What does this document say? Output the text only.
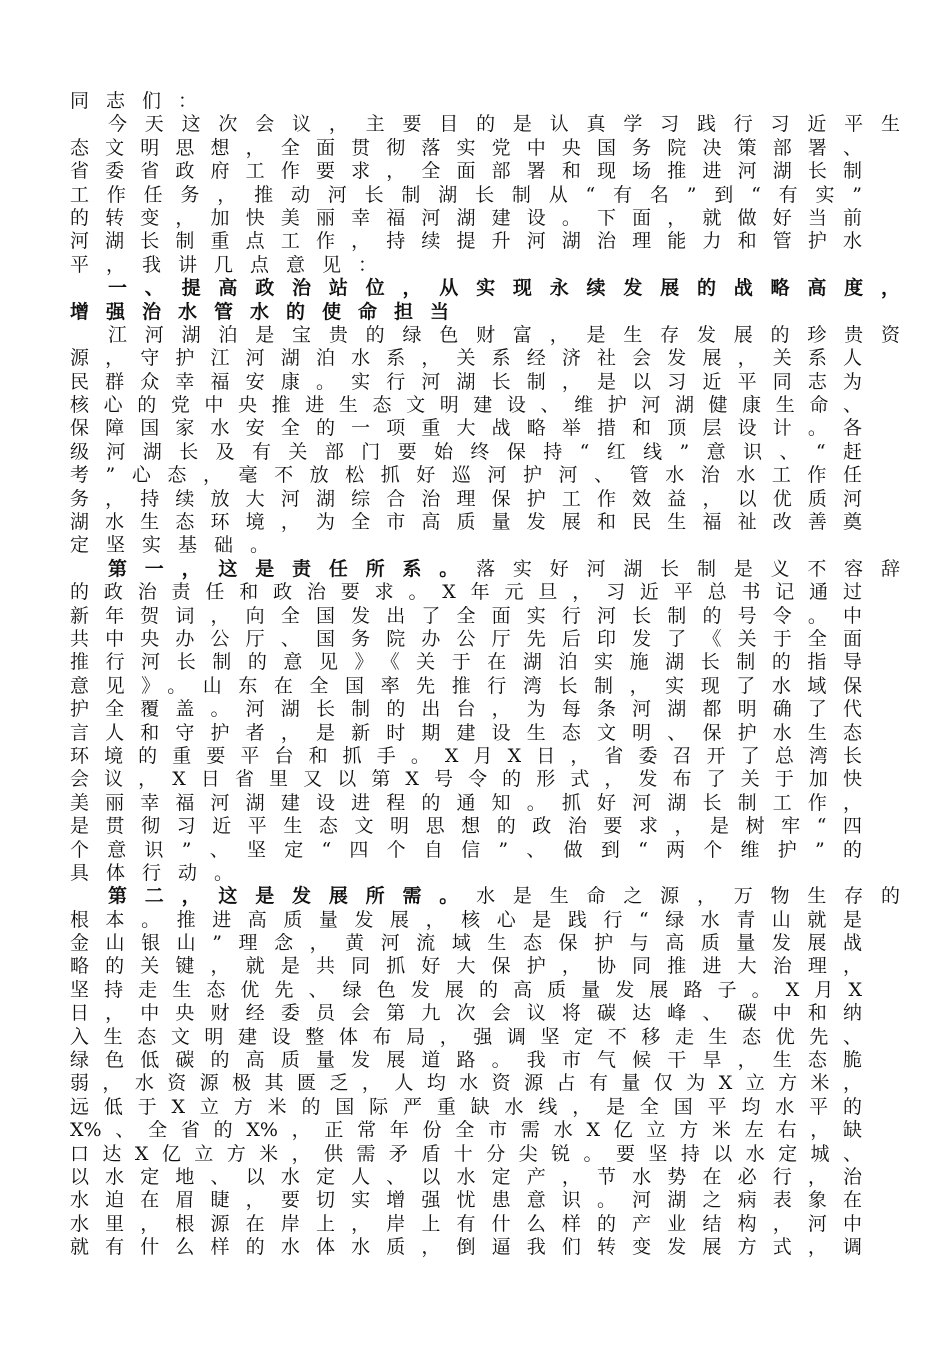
同志们：
今天这次会议，主要目的是认真学习践行习近平生
态文明思想，全面贯彻落实党中央国务院决策部署、
省委省政府工作要求，全面部署和现场推进河湖长制
工作任务，推动河长制湖长制从“有名”到“有实”
的转变，加快美丽幸福河湖建设。下面，就做好当前
河湖长制重点工作，持续提升河湖治理能力和管护水
平，我讲几点意见：
一、提高政治站位，从实现永续发展的战略高度，
增强治水管水的使命担当
江河湖泊是宝贵的绿色财富，是生存发展的珍贵资
源，守护江河湖泊水系，关系经济社会发展，关系人
民群众幸福安康。实行河湖长制，是以习近平同志为
核心的党中央推进生态文明建设、维护河湖健康生命、
保障国家水安全的一项重大战略举措和顶层设计。各
级河湖长及有关部门要始终保持“红线”意识、“赶
考”心态，毫不放松抓好巡河护河、管水治水工作任
务，持续放大河湖综合治理保护工作效益，以优质河
湖水生态环境，为全市高质量发展和民生福祉改善奠
定坚实基础。
第一，这是责任所系。落实好河湖长制是义不容辞
的政治责任和政治要求。X年元旦，习近平总书记通过
新年贺词，向全国发出了全面实行河长制的号令。中
共中央办公厅、国务院办公厅先后印发了《关于全面
推行河长制的意见》《关于在湖泊实施湖长制的指导
意见》。山东在全国率先推行湾长制，实现了水域保
护全覆盖。河湖长制的出台，为每条河湖都明确了代
言人和守护者，是新时期建设生态文明、保护水生态
环境的重要平台和抓手。X月X日，省委召开了总湾长
会议，X日省里又以第X号令的形式，发布了关于加快
美丽幸福河湖建设进程的通知。抓好河湖长制工作，
是贯彻习近平生态文明思想的政治要求，是树牢“四
个意识”、坚定“四个自信”、做到“两个维护”的
具体行动。
第二，这是发展所需。水是生命之源，万物生存的
根本。推进高质量发展，核心是践行“绿水青山就是
金山银山”理念，黄河流域生态保护与高质量发展战
略的关键，就是共同抓好大保护，协同推进大治理，
坚持走生态优先、绿色发展的高质量发展路子。X月X
日，中央财经委员会第九次会议将碳达峰、碳中和纳
入生态文明建设整体布局，强调坚定不移走生态优先、
绿色低碳的高质量发展道路。我市气候干旱，生态脆
弱，水资源极其匮乏，人均水资源占有量仅为X立方米，
远低于X立方米的国际严重缺水线，是全国平均水平的
X%、全省的X%，正常年份全市需水X亿立方米左右，缺
口达X亿立方米，供需矛盾十分尖锐。要坚持以水定城、
以水定地、以水定人、以水定产，节水势在必行，治
水迫在眉睫，要切实增强忧患意识。河湖之病表象在
水里，根源在岸上，岸上有什么样的产业结构，河中
就有什么样的水体水质，倒逼我们转变发展方式，调
